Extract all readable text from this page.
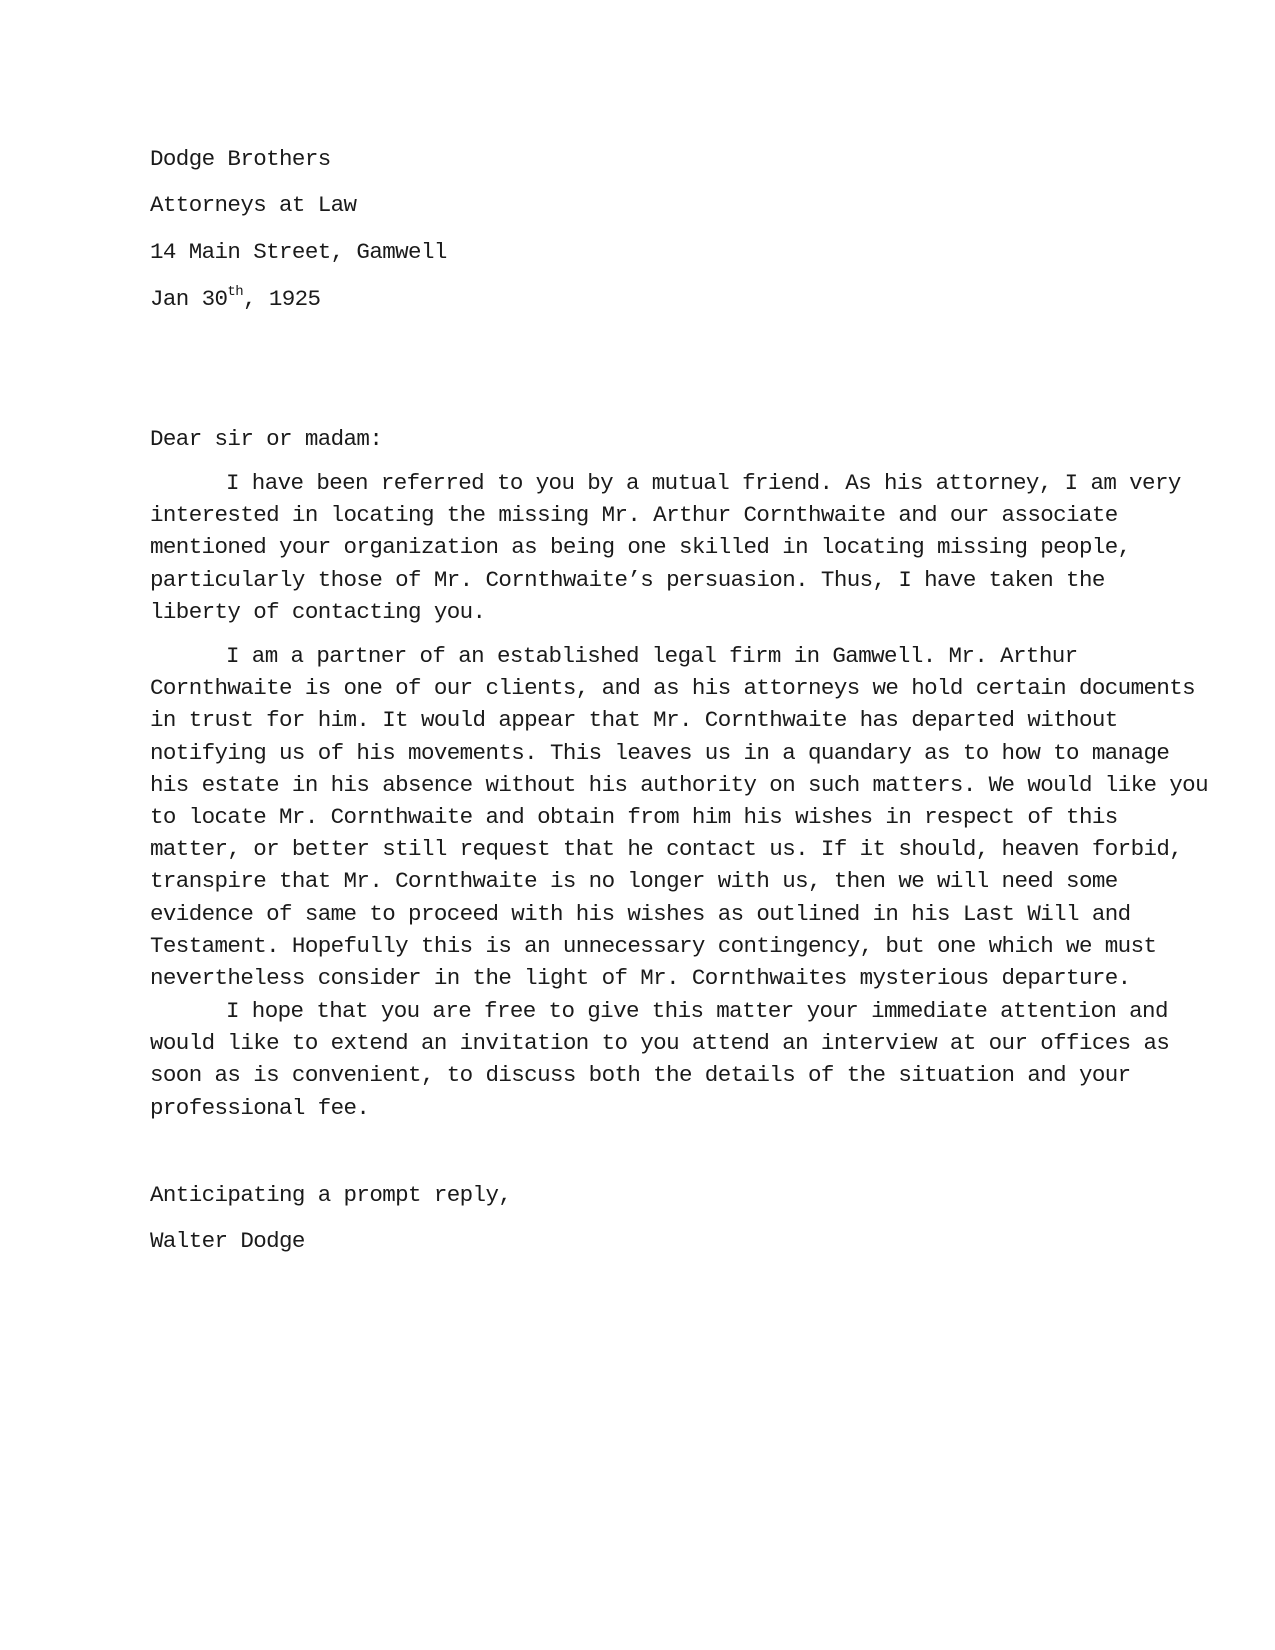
Dodge Brothers
Attorneys at Law
14 Main Street, Gamwell
Jan 30th, 1925
Dear sir or madam:

I have been referred to you by a mutual friend. As his attorney, I am very
interested in locating the missing Mr. Arthur Cornthwaite and our associate
mentioned your organization as being one skilled in locating missing people,
particularly those of Mr. Cornthwaite’s persuasion. Thus, I have taken the
liberty of contacting you.

I am a partner of an established legal firm in Gamwell. Mr. Arthur
Cornthwaite is one of our clients, and as his attorneys we hold certain documents
in trust for him. It would appear that Mr. Cornthwaite has departed without
notifying us of his movements. This leaves us in a quandary as to how to manage
his estate in his absence without his authority on such matters. We would like you
to locate Mr. Cornthwaite and obtain from him his wishes in respect of this
matter, or better still request that he contact us. If it should, heaven forbid,
transpire that Mr. Cornthwaite is no longer with us, then we will need some
evidence of same to proceed with his wishes as outlined in his Last Will and
Testament. Hopefully this is an unnecessary contingency, but one which we must
nevertheless consider in the light of Mr. Cornthwaites mysterious departure.

I hope that you are free to give this matter your immediate attention and
would like to extend an invitation to you attend an interview at our offices as
soon as is convenient, to discuss both the details of the situation and your
professional fee.

Anticipating a prompt reply,
Walter Dodge
